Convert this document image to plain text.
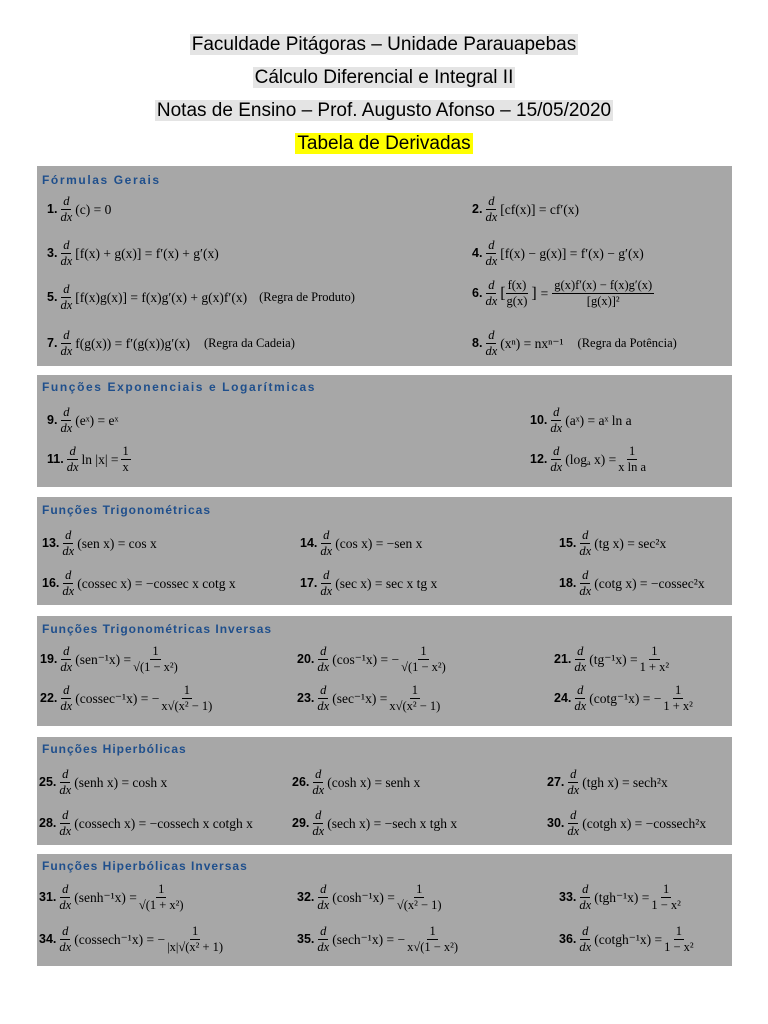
Faculdade Pitágoras – Unidade Parauapebas
Cálculo Diferencial e Integral II
Notas de Ensino – Prof. Augusto Afonso – 15/05/2020
Tabela de Derivadas
Fórmulas Gerais
1.
d
dx
(c) = 0	2.
d
dx
[cf(x)] = cf′(x)
3.
d
dx
[f(x) + g(x)] = f′(x) + g′(x)	4.
d
dx
[f(x) − g(x)] = f′(x) − g′(x)
5.
d
dx
[f(x)g(x)] = f(x)g′(x) + g(x)f′(x) (Regra de Produto)	6.
d
dx [ f(x)
g(x) ] = $\frac{g(x)f'(x) - f(x)g'(x)}{\text{[g(x)]²}}$
7.
d
dx
f(g(x)) = f′(g(x))g′(x) (Regra da Cadeia)	8.
d
dx
(xⁿ) = nxⁿ⁻¹ (Regra da Potência)
Funções Exponenciais e Logarítmicas
9.
d
dx
(eˣ) = eˣ	10.
d
dx
(aˣ) = aˣ ln a
11.
d
dx
$\ln |x| = \frac{1}{x}$	12.
d
dx
(logₐ $x) = \frac{1}{\text{x ln a}}$
Funções Trigonométricas
13.
d
dx
(sen x) = cos x	14.
d
dx
(cos x) = −sen x	15.
d
dx
(tg x) = sec²x
16.
d
dx
(cossec x) = −cossec x cotg x	17.
d
dx
(sec x) = sec x tg x	18.
d
dx
(cotg x) = −cossec²x
Funções Trigonométricas Inversas
19.
d
dx
$(sen^{-1}x) = \frac{1}{\text{√(1 − x²)}}$	20.
d
dx
(cos⁻¹x) = − $\frac{1}{\text{√(1 − x²)}}$	21.
d
dx
$(tg^{-1}x) = \frac{1}{\text{1 + x²}}$
22.
d
dx
(cossec⁻¹x) = − $\frac{1}{\text{x√(x² − 1)}}$	23.
d
dx
$(\sec^{-1}x) = \frac{1}{\text{x√(x² − 1)}}$	24.
d
dx
(cotg⁻¹x) = − $\frac{1}{\text{1 + x²}}$
Funções Hiperbólicas
25.
d
dx
(senh x) = cosh x	26.
d
dx
(cosh x) = senh x	27.
d
dx
(tgh x) = sech²x
28.
d
dx
(cossech x) = −cossech x cotgh x	29.
d
dx
(sech x) = −sech x tgh x	30.
d
dx
(cotgh x) = −cossech²x
Funções Hiperbólicas Inversas
31.
d
dx
(senh⁻¹x) = $\frac{1}{\text{√(1 + x²)}}$	32.
d
dx
$(\cosh^{-1}x) = \frac{1}{\text{√(x² − 1)}}$	33.
d
dx
$(tgh^{-1}x) = \frac{1}{\text{1 − x²}}$
34.
d
dx
(cossech⁻¹x) = − $\frac{1}{\text{|x|√(x² + 1)}}$	35.
d
dx
(sech⁻¹x) = − $\frac{1}{\text{x√(1 − x²)}}$	36.
d
dx
(cotgh⁻¹x) = $\frac{1}{\text{1 − x²}}$
